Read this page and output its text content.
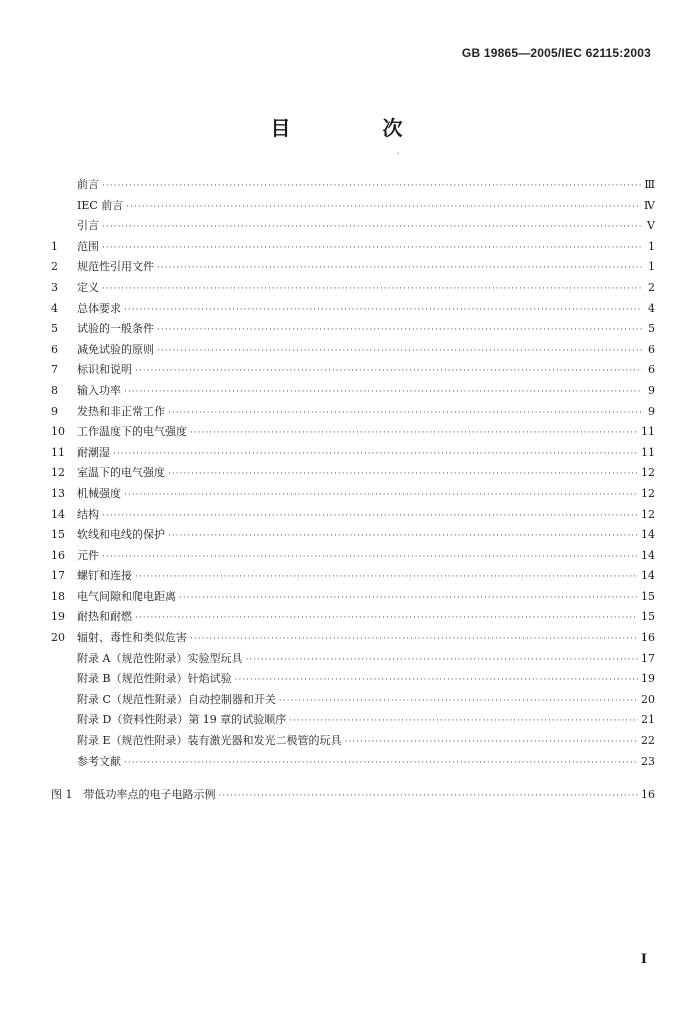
GB 19865—2005/IEC 62115:2003
目　次
ˎ
前言 ·····	Ⅲ
IEC 前言 ·····	Ⅳ
引言 ·····	Ⅴ
1	范围 ·····	1
2	规范性引用文件 ·····	1
3	定义 ·····	2
4	总体要求 ·····	4
5	试验的一般条件 ·····	5
6	减免试验的原则 ·····	6
7	标识和说明 ·····	6
8	输入功率 ·····	9
9	发热和非正常工作 ·····	9
10	工作温度下的电气强度 ·····	11
11	耐潮湿 ·····	11
12	室温下的电气强度 ·····	12
13	机械强度 ·····	12
14	结构 ·····	12
15	软线和电线的保护 ·····	14
16	元件 ·····	14
17	螺钉和连接 ·····	14
18	电气间隙和爬电距离 ·····	15
19	耐热和耐燃 ·····	15
20	辐射、毒性和类似危害 ·····	16
附录 A（规范性附录）实验型玩具 ·····	17
附录 B（规范性附录）针焰试验 ·····	19
附录 C（规范性附录）自动控制器和开关 ·····	20
附录 D（资料性附录）第 19 章的试验顺序 ·····	21
附录 E（规范性附录）装有激光器和发光二极管的玩具 ·····	22
参考文献 ·····	23
图 1　带低功率点的电子电路示例 ·····	16
I
